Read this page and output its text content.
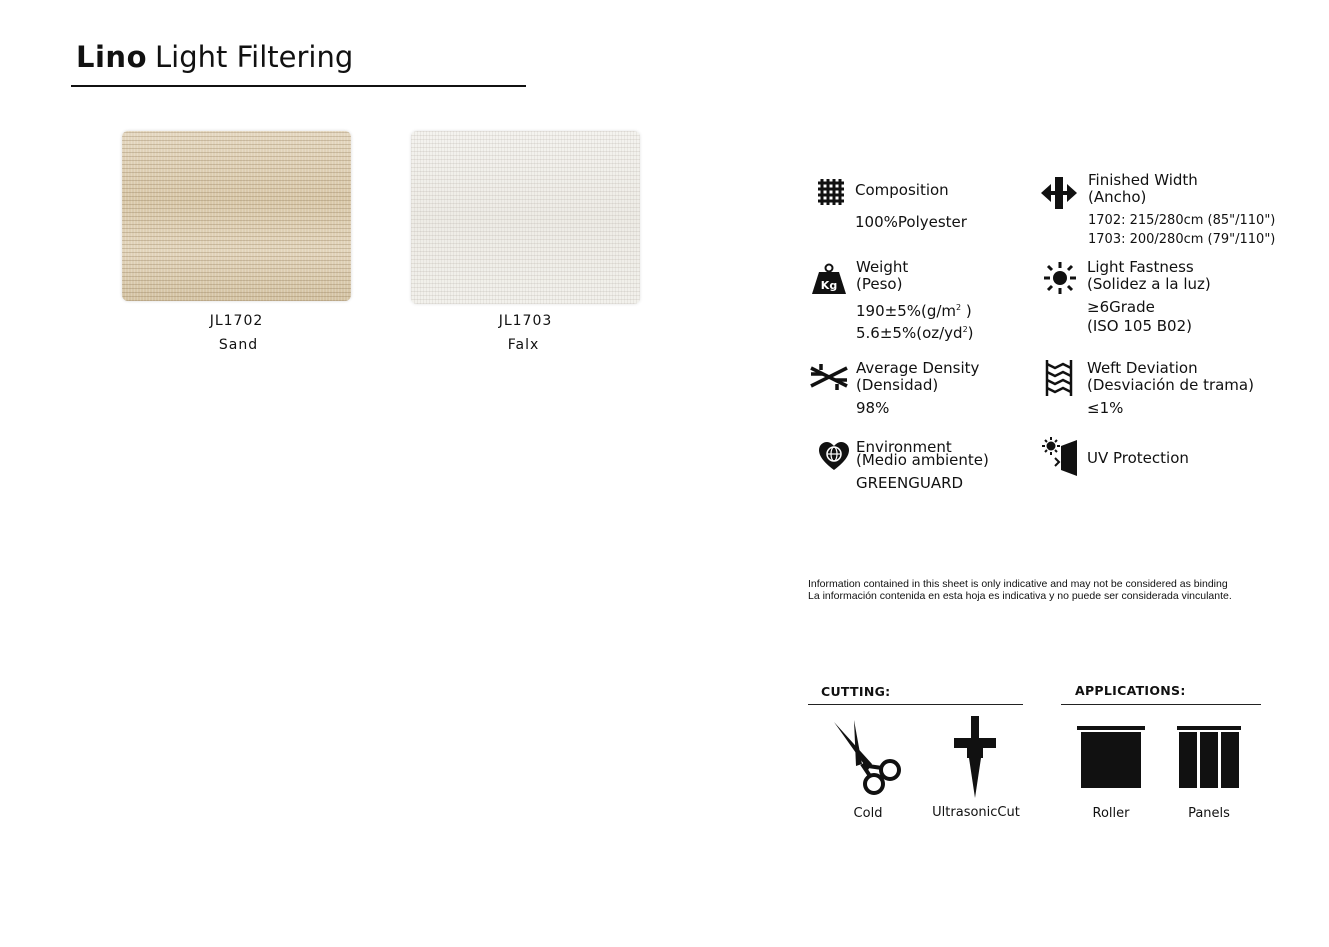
Lino Light Filtering
JL1702
Sand
JL1703
Falx
Composition
100%Polyester
Finished Width
(Ancho)
1702: 215/280cm (85"/110")
1703: 200/280cm (79"/110")
Kg
Weight
(Peso)
$190\pm 5\%(g/m^2$ )
$5.6\pm 5\%(oz/yd^2)$
Light Fastness
(Solidez a la luz)
≥6Grade
(ISO 105 B02)
Average Density
(Densidad)
98%
Weft Deviation
(Desviación de trama)
≤1%
Environment
(Medio ambiente)
GREENGUARD
UV Protection
Information contained in this sheet is only indicative and may not be considered as binding
La información contenida en esta hoja es indicativa y no puede ser considerada vinculante.
CUTTING:
Cold	UltrasonicCut
APPLICATIONS:
Roller	Panels
